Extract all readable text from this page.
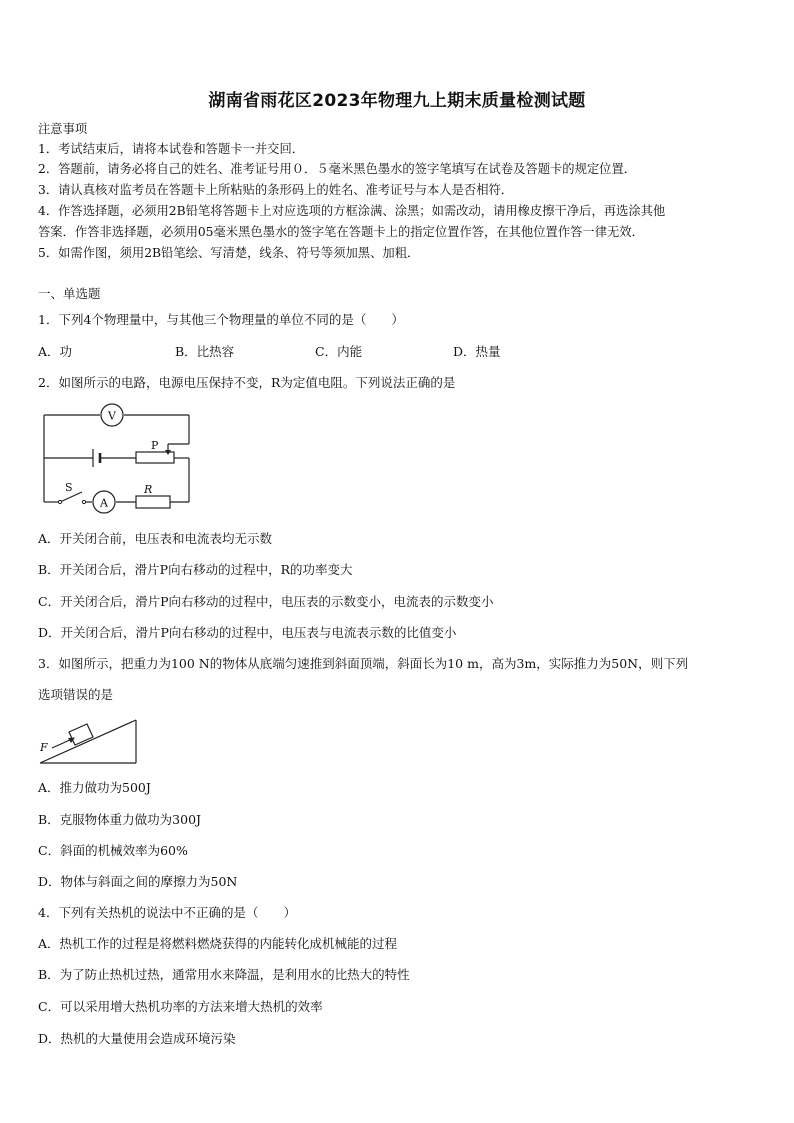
湖南省雨花区2023年物理九上期末质量检测试题
注意事项
1．考试结束后，请将本试卷和答题卡一并交回．
2．答题前，请务必将自己的姓名、准考证号用０．５毫米黑色墨水的签字笔填写在试卷及答题卡的规定位置．
3．请认真核对监考员在答题卡上所粘贴的条形码上的姓名、准考证号与本人是否相符．
4．作答选择题，必须用2B铅笔将答题卡上对应选项的方框涂满、涂黑；如需改动，请用橡皮擦干净后，再选涂其他
答案．作答非选择题，必须用05毫米黑色墨水的签字笔在答题卡上的指定位置作答，在其他位置作答一律无效．
5．如需作图，须用2B铅笔绘、写清楚，线条、符号等须加黑、加粗．
一、单选题
1．下列4个物理量中，与其他三个物理量的单位不同的是（　　）
A．功	B．比热容	C．内能	D．热量
2．如图所示的电路，电源电压保持不变，R为定值电阻。下列说法正确的是
V
A
P
S	R
A．开关闭合前，电压表和电流表均无示数
B．开关闭合后，滑片P向右移动的过程中，R的功率变大
C．开关闭合后，滑片P向右移动的过程中，电压表的示数变小，电流表的示数变小
D．开关闭合后，滑片P向右移动的过程中，电压表与电流表示数的比值变小
3．如图所示，把重力为100 N的物体从底端匀速推到斜面顶端，斜面长为10 m，高为3m，实际推力为50N，则下列
选项错误的是
F
A．推力做功为500J
B．克服物体重力做功为300J
C．斜面的机械效率为60%
D．物体与斜面之间的摩擦力为50N
4．下列有关热机的说法中不正确的是（　　）
A．热机工作的过程是将燃料燃烧获得的内能转化成机械能的过程
B．为了防止热机过热，通常用水来降温，是利用水的比热大的特性
C．可以采用增大热机功率的方法来增大热机的效率
D．热机的大量使用会造成环境污染
